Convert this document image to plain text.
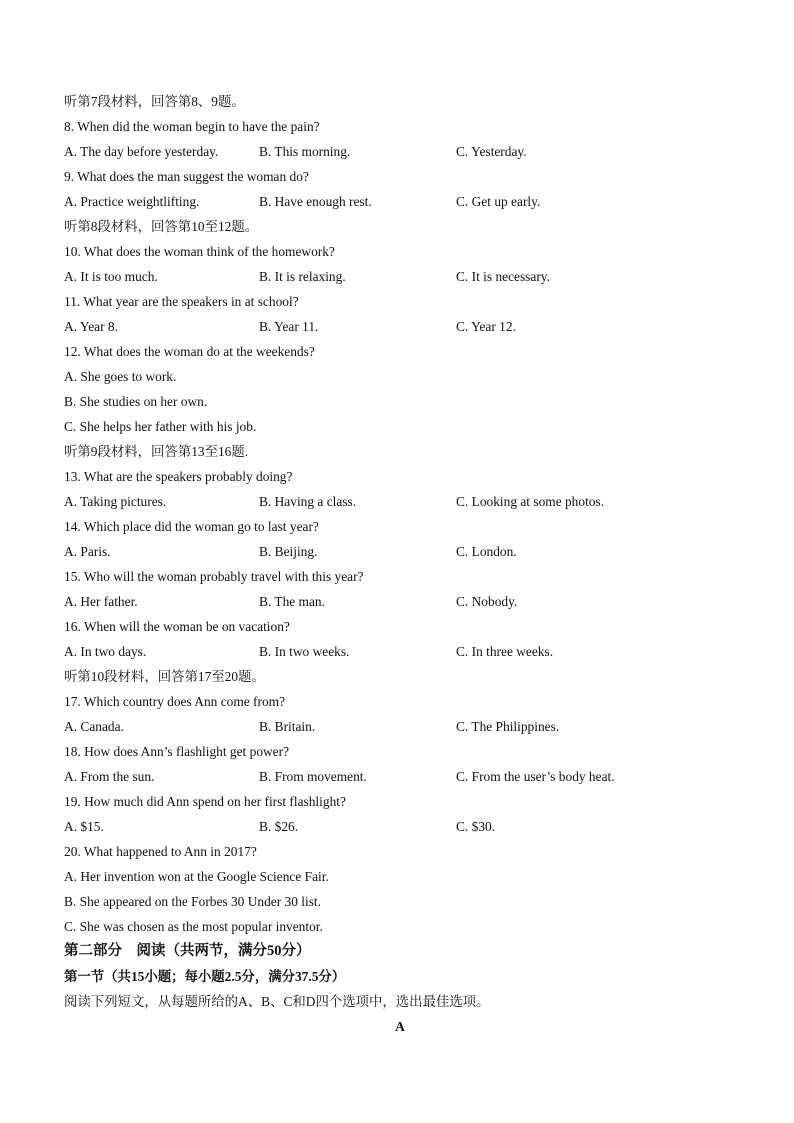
听第7段材料，回答第8、9题。
8. When did the woman begin to have the pain?
A. The day before yesterday.	B. This morning.	C. Yesterday.
9. What does the man suggest the woman do?
A. Practice weightlifting.	B. Have enough rest.	C. Get up early.
听第8段材料，回答第10至12题。
10. What does the woman think of the homework?
A. It is too much.	B. It is relaxing.	C. It is necessary.
11. What year are the speakers in at school?
A. Year 8.	B. Year 11.	C. Year 12.
12. What does the woman do at the weekends?
A. She goes to work.
B. She studies on her own.
C. She helps her father with his job.
听第9段材料，回答第13至16题.
13. What are the speakers probably doing?
A. Taking pictures.	B. Having a class.	C. Looking at some photos.
14. Which place did the woman go to last year?
A. Paris.	B. Beijing.	C. London.
15. Who will the woman probably travel with this year?
A. Her father.	B. The man.	C. Nobody.
16. When will the woman be on vacation?
A. In two days.	B. In two weeks.	C. In three weeks.
听第10段材料，回答第17至20题。
17. Which country does Ann come from?
A. Canada.	B. Britain.	C. The Philippines.
18. How does Ann’s flashlight get power?
A. From the sun.	B. From movement.	C. From the user’s body heat.
19. How much did Ann spend on her first flashlight?
A. $15.	B. $26.	C. $30.
20. What happened to Ann in 2017?
A. Her invention won at the Google Science Fair.
B. She appeared on the Forbes 30 Under 30 list.
C. She was chosen as the most popular inventor.
第二部分　阅读（共两节，满分50分）
第一节（共15小题；每小题2.5分，满分37.5分）
阅读下列短文，从每题所给的A、B、C和D四个选项中，选出最佳选项。
A
